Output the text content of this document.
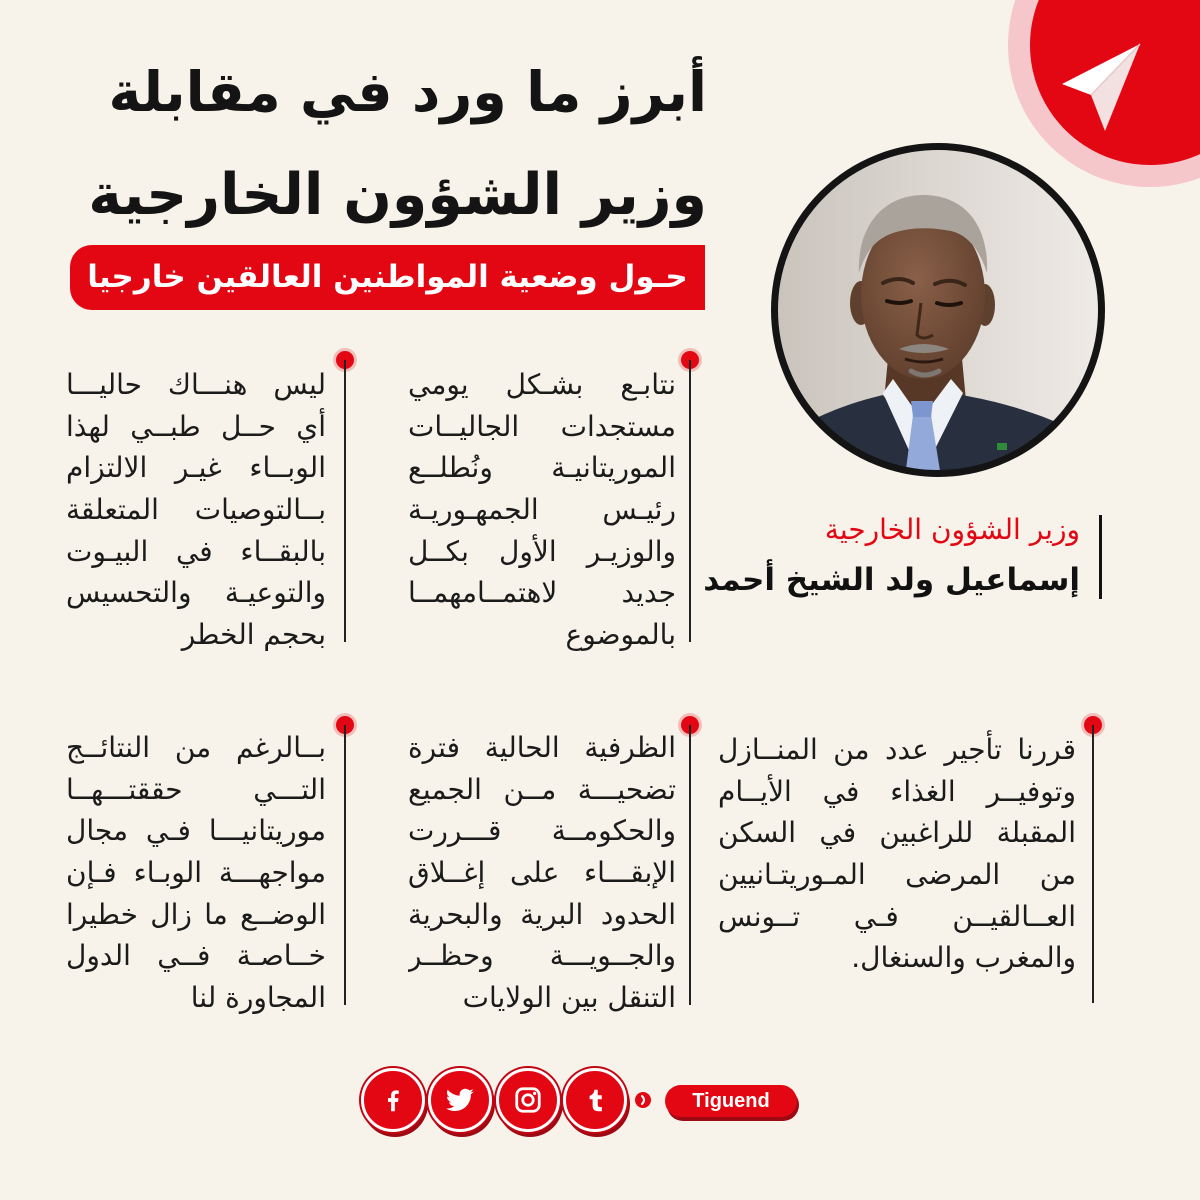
أبرز ما ورد في مقابلة
وزير الشؤون الخارجية
حـول وضعية المواطنين العالقين خارجيا
وزير الشؤون الخارجية
إسماعيل ولد الشيخ أحمد
نتابـع بشـكل يومي
مستجدات الجاليــات
الموريتانيـة ونُطلــع
رئيـس الجمهـوريـة
والوزيـر الأول بكــل
جديد لاهتمــامهمــا
بالموضوع
ليس هنـــاك حاليـــا
أي حــل طبــي لهذا
الوبــاء غيـر الالتزام
بــالتوصيات المتعلقة
بالبقــاء في البيـوت
والتوعيـة والتحسيس
بحجم الخطر
قررنا تأجير عدد من المنــازل
وتوفيــر الغذاء في الأيــام
المقبلة للراغبين في السكن
من المرضى المـوريتـانيين
العــالقيــن فـي تــونس
والمغرب والسنغال.
الظرفية الحالية فترة
تضحيـــة مــن الجميع
والحكومــة قـــررت
الإبقـــاء على إغــلاق
الحدود البرية والبحرية
والجــويـــة وحظــر
التنقل بين الولايات
بــالرغم من النتائــج
التـــي حققتـــهــا
موريتانيـــا فـي مجال
مواجهـــة الوبـاء فـإن
الوضــع ما زال خطيرا
خــاصـة فــي الدول
المجاورة لنا
Tiguend
